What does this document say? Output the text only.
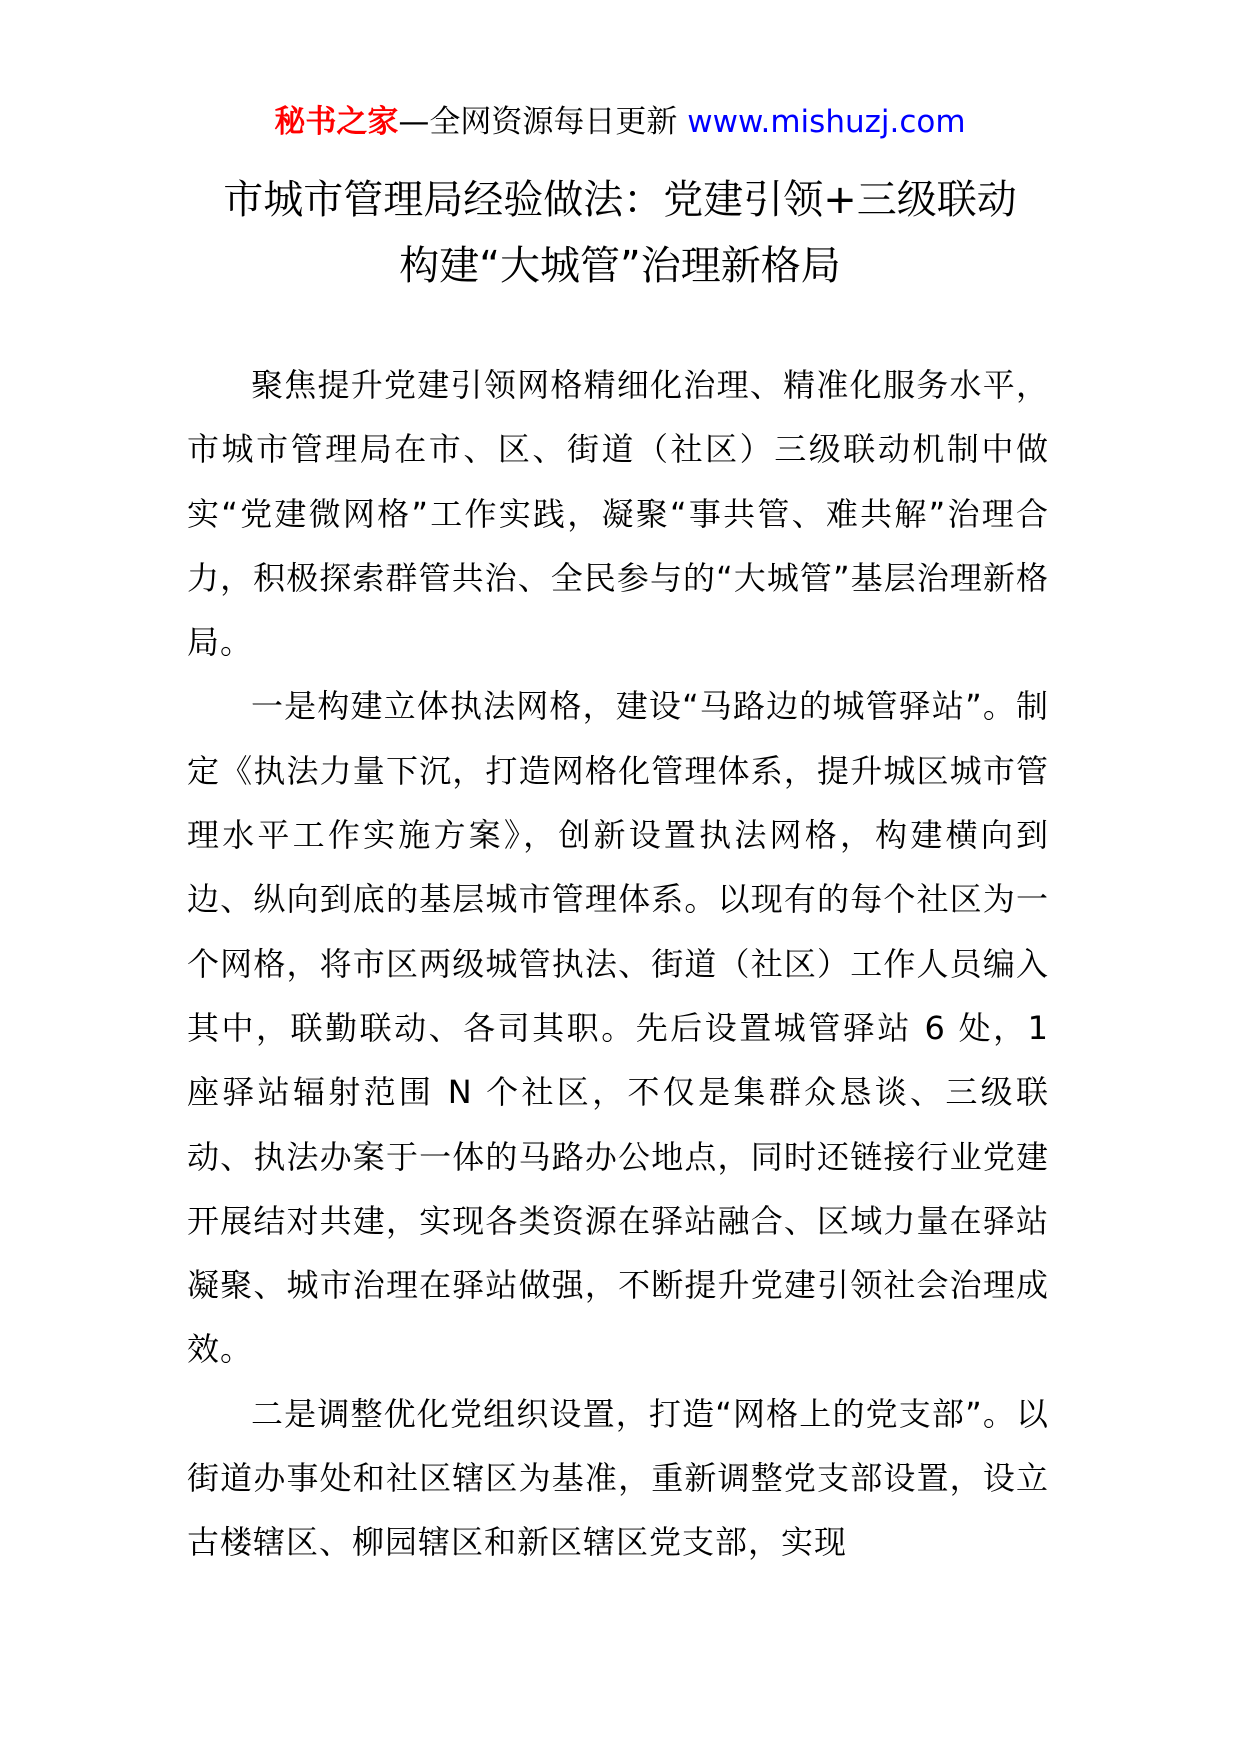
秘书之家—全网资源每日更新 www.mishuzj.com
市城市管理局经验做法：党建引领+三级联动
构建“大城管”治理新格局

聚焦提升党建引领网格精细化治理、精准化服务水平，市城市管理局在市、区、街道（社区）三级联动机制中做实“党建微网格”工作实践，凝聚“事共管、难共解”治理合力，积极探索群管共治、全民参与的“大城管”基层治理新格局。

一是构建立体执法网格，建设“马路边的城管驿站”。制定《执法力量下沉，打造网格化管理体系，提升城区城市管理水平工作实施方案》，创新设置执法网格，构建横向到边、纵向到底的基层城市管理体系。以现有的每个社区为一个网格，将市区两级城管执法、街道（社区）工作人员编入其中，联勤联动、各司其职。先后设置城管驿站 6 处，1 座驿站辐射范围 N 个社区，不仅是集群众恳谈、三级联动、执法办案于一体的马路办公地点，同时还链接行业党建开展结对共建，实现各类资源在驿站融合、区域力量在驿站凝聚、城市治理在驿站做强，不断提升党建引领社会治理成效。

二是调整优化党组织设置，打造“网格上的党支部”。以街道办事处和社区辖区为基准，重新调整党支部设置，设立古楼辖区、柳园辖区和新区辖区党支部，实现
